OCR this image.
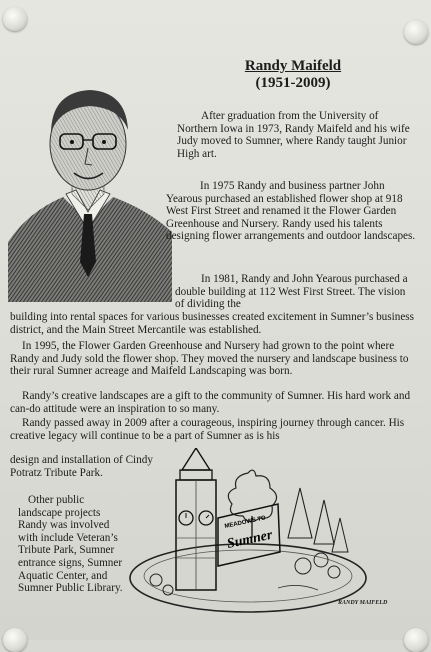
Randy Maifeld
(1951-2009)

After graduation from the University of Northern Iowa in 1973, Randy Maifeld and his wife Judy moved to Sumner, where Randy taught Junior High art.

In 1975 Randy and business partner John Yearous purchased an established flower shop at 918 West First Street and renamed it the Flower Garden Greenhouse and Nursery. Randy used his talents designing flower arrangements and outdoor landscapes.

In 1981, Randy and John Yearous purchased a double building at 112 West First Street. The vision of dividing the

building into rental spaces for various businesses created excitement in Sumner’s business district, and the Main Street Mercantile was established.

In 1995, the Flower Garden Greenhouse and Nursery had grown to the point where Randy and Judy sold the flower shop. They moved the nursery and landscape business to their rural Sumner acreage and Maifeld Landscaping was born.

Randy’s creative landscapes are a gift to the community of Sumner. His hard work and can-do attitude were an inspiration to so many.

Randy passed away in 2009 after a courageous, inspiring journey through cancer. His creative legacy will continue to be a part of Sumner as is his

design and installation of Cindy Potratz Tribute Park.

Other public landscape projects Randy was involved with include Veteran’s Tribute Park, Sumner entrance signs, Sumner Aquatic Center, and Sumner Public Library.

MEADOWS TO
Sumner
RANDY MAIFELD
